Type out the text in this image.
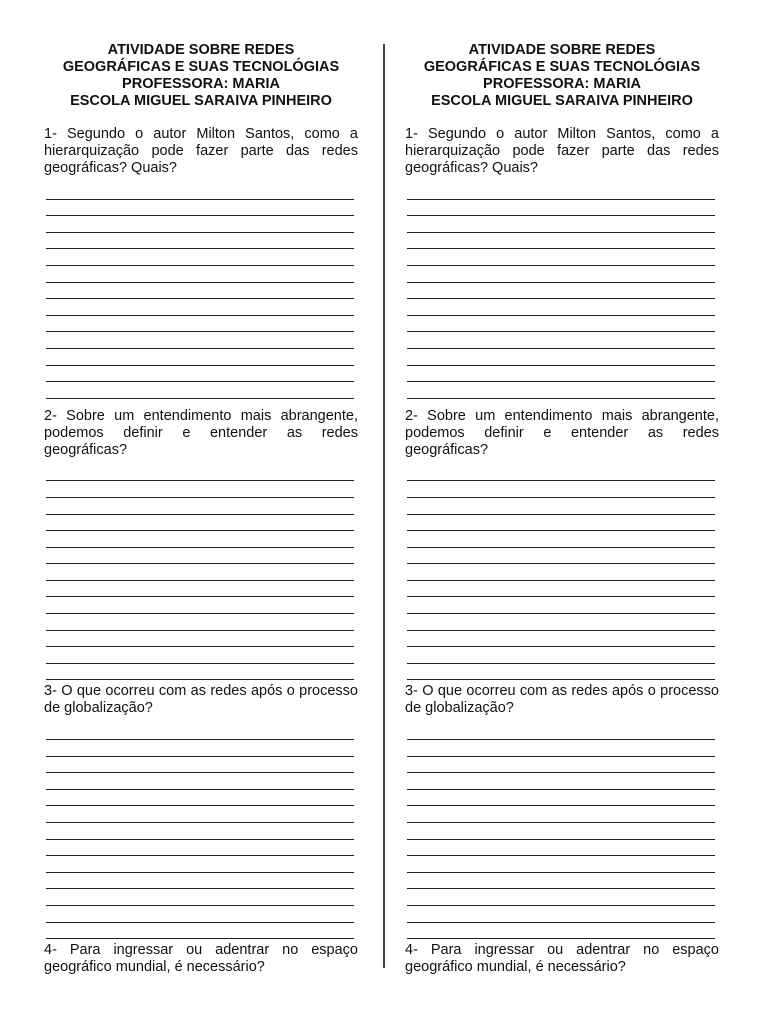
ATIVIDADE SOBRE REDES
GEOGRÁFICAS E SUAS TECNOLÓGIAS
PROFESSORA: MARIA
ESCOLA MIGUEL SARAIVA PINHEIRO
1- Segundo o autor Milton Santos, como a hierarquização pode fazer parte das redes geográficas? Quais?
2- Sobre um entendimento mais abrangente, podemos definir e entender as redes geográficas?
3- O que ocorreu com as redes após o processo de globalização?
4- Para ingressar ou adentrar no espaço geográfico mundial, é necessário?
ATIVIDADE SOBRE REDES
GEOGRÁFICAS E SUAS TECNOLÓGIAS
PROFESSORA: MARIA
ESCOLA MIGUEL SARAIVA PINHEIRO
1- Segundo o autor Milton Santos, como a hierarquização pode fazer parte das redes geográficas? Quais?
2- Sobre um entendimento mais abrangente, podemos definir e entender as redes geográficas?
3- O que ocorreu com as redes após o processo de globalização?
4- Para ingressar ou adentrar no espaço geográfico mundial, é necessário?
